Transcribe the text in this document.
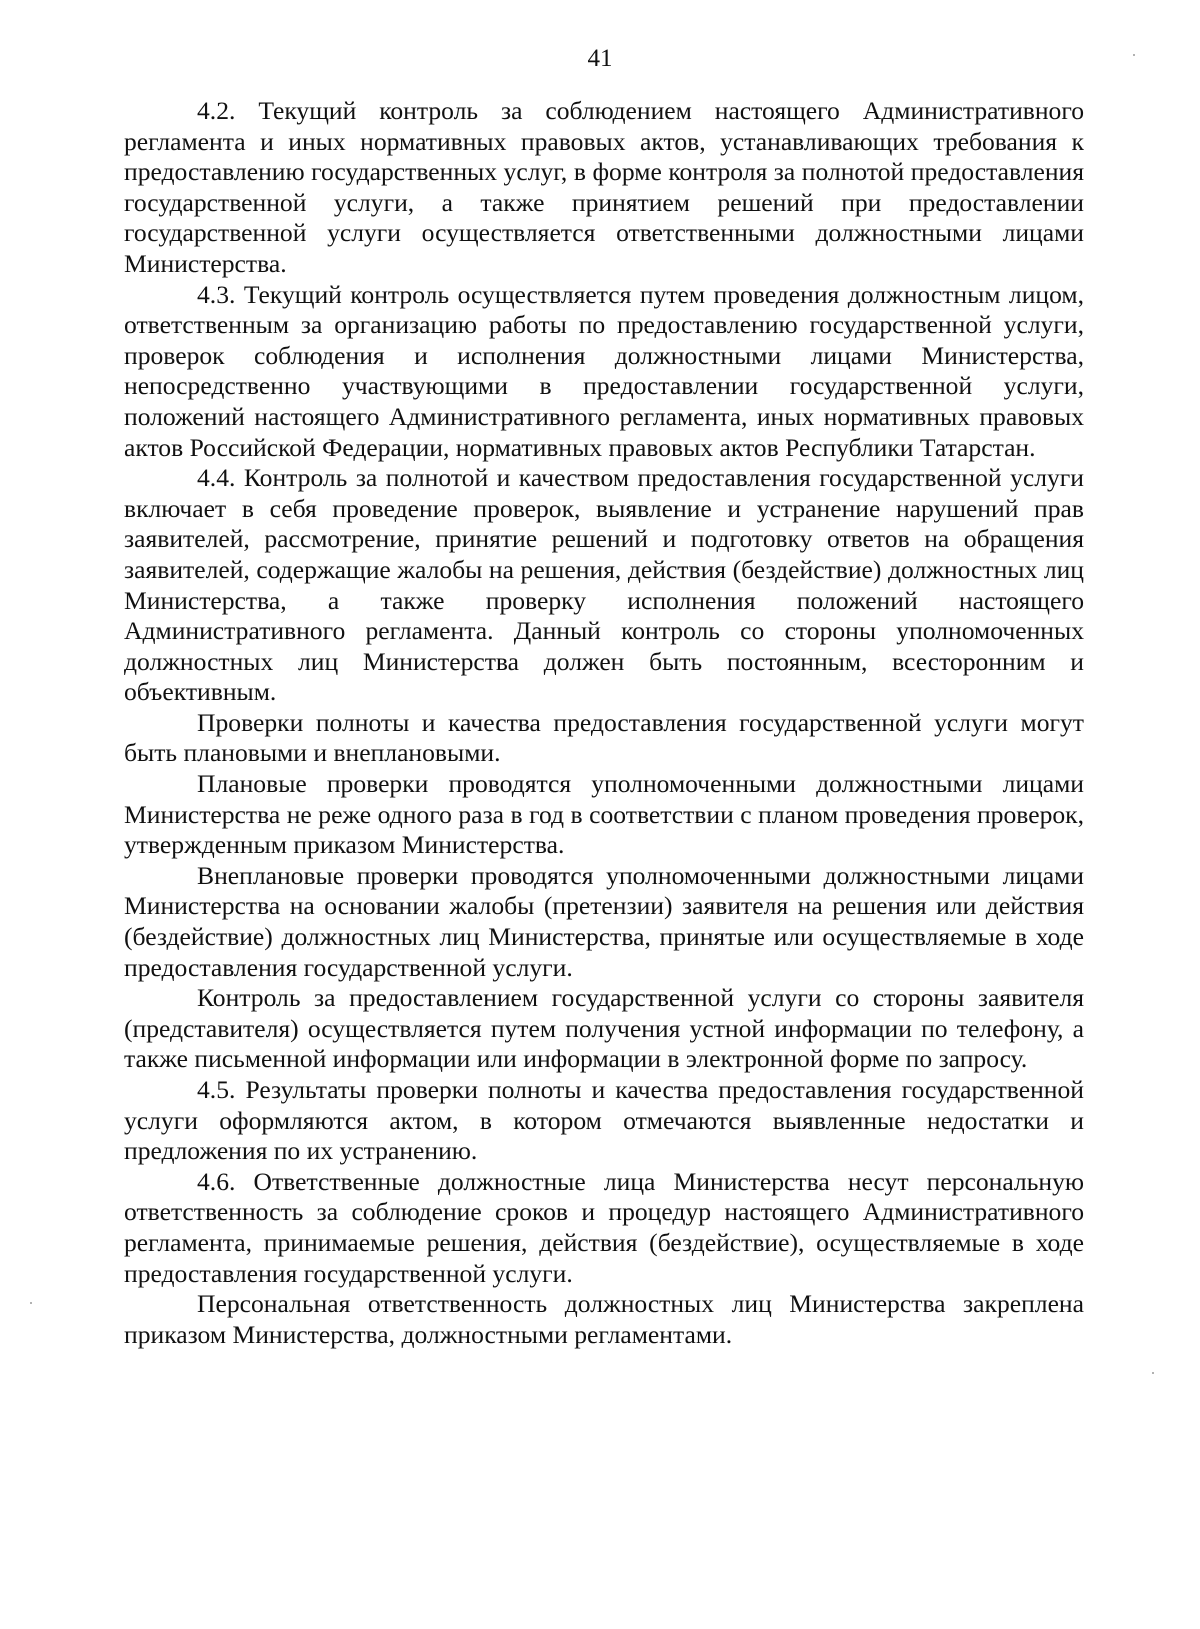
41

4.2. Текущий контроль за соблюдением настоящего Административного регламента и иных нормативных правовых актов, устанавливающих требования к предоставлению государственных услуг, в форме контроля за полнотой предоставления государственной услуги, а также принятием решений при предоставлении государственной услуги осуществляется ответственными должностными лицами Министерства.

4.3. Текущий контроль осуществляется путем проведения должностным лицом, ответственным за организацию работы по предоставлению государственной услуги, проверок соблюдения и исполнения должностными лицами Министерства, непосредственно участвующими в предоставлении государственной услуги, положений настоящего Административного регламента, иных нормативных правовых актов Российской Федерации, нормативных правовых актов Республики Татарстан.

4.4. Контроль за полнотой и качеством предоставления государственной услуги включает в себя проведение проверок, выявление и устранение нарушений прав заявителей, рассмотрение, принятие решений и подготовку ответов на обращения заявителей, содержащие жалобы на решения, действия (бездействие) должностных лиц Министерства, а также проверку исполнения положений настоящего Административного регламента. Данный контроль со стороны уполномоченных должностных лиц Министерства должен быть постоянным, всесторонним и объективным.

Проверки полноты и качества предоставления государственной услуги могут быть плановыми и внеплановыми.

Плановые проверки проводятся уполномоченными должностными лицами Министерства не реже одного раза в год в соответствии с планом проведения проверок, утвержденным приказом Министерства.

Внеплановые проверки проводятся уполномоченными должностными лицами Министерства на основании жалобы (претензии) заявителя на решения или действия (бездействие) должностных лиц Министерства, принятые или осуществляемые в ходе предоставления государственной услуги.

Контроль за предоставлением государственной услуги со стороны заявителя (представителя) осуществляется путем получения устной информации по телефону, а также письменной информации или информации в электронной форме по запросу.

4.5. Результаты проверки полноты и качества предоставления государственной услуги оформляются актом, в котором отмечаются выявленные недостатки и предложения по их устранению.

4.6. Ответственные должностные лица Министерства несут персональную ответственность за соблюдение сроков и процедур настоящего Административного регламента, принимаемые решения, действия (бездействие), осуществляемые в ходе предоставления государственной услуги.

Персональная ответственность должностных лиц Министерства закреплена приказом Министерства, должностными регламентами.
